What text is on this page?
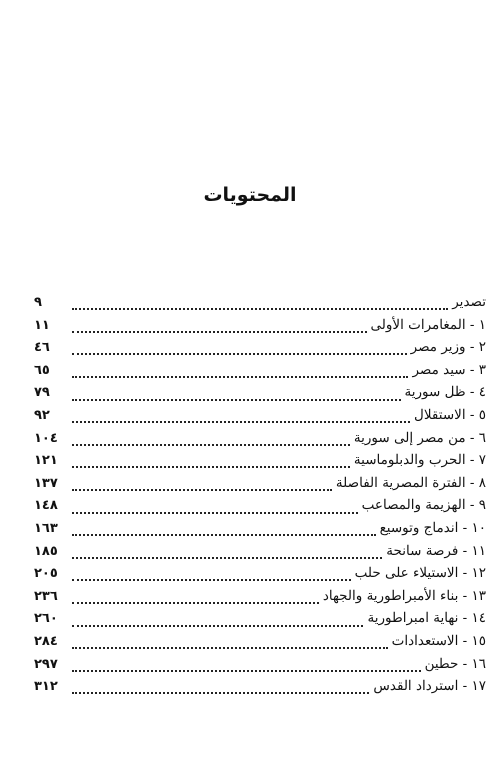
المحتويات
تصدير
٩
١ - المغامرات الأولى
١١
٢ - وزير مصر
٤٦
٣ - سيد مصر
٦٥
٤ - ظل سورية
٧٩
٥ - الاستقلال
٩٢
٦ - من مصر إلى سورية
١٠٤
٧ - الحرب والدبلوماسية
١٢١
٨ - الفترة المصرية الفاصلة
١٣٧
٩ - الهزيمة والمصاعب
١٤٨
١٠ - اندماج وتوسيع
١٦٣
١١ - فرصة سانحة
١٨٥
١٢ - الاستيلاء على حلب
٢٠٥
١٣ - بناء الأمبراطورية والجهاد
٢٣٦
١٤ - نهاية امبراطورية
٢٦٠
١٥ - الاستعدادات
٢٨٤
١٦ - حطين
٢٩٧
١٧ - استرداد القدس
٣١٢
